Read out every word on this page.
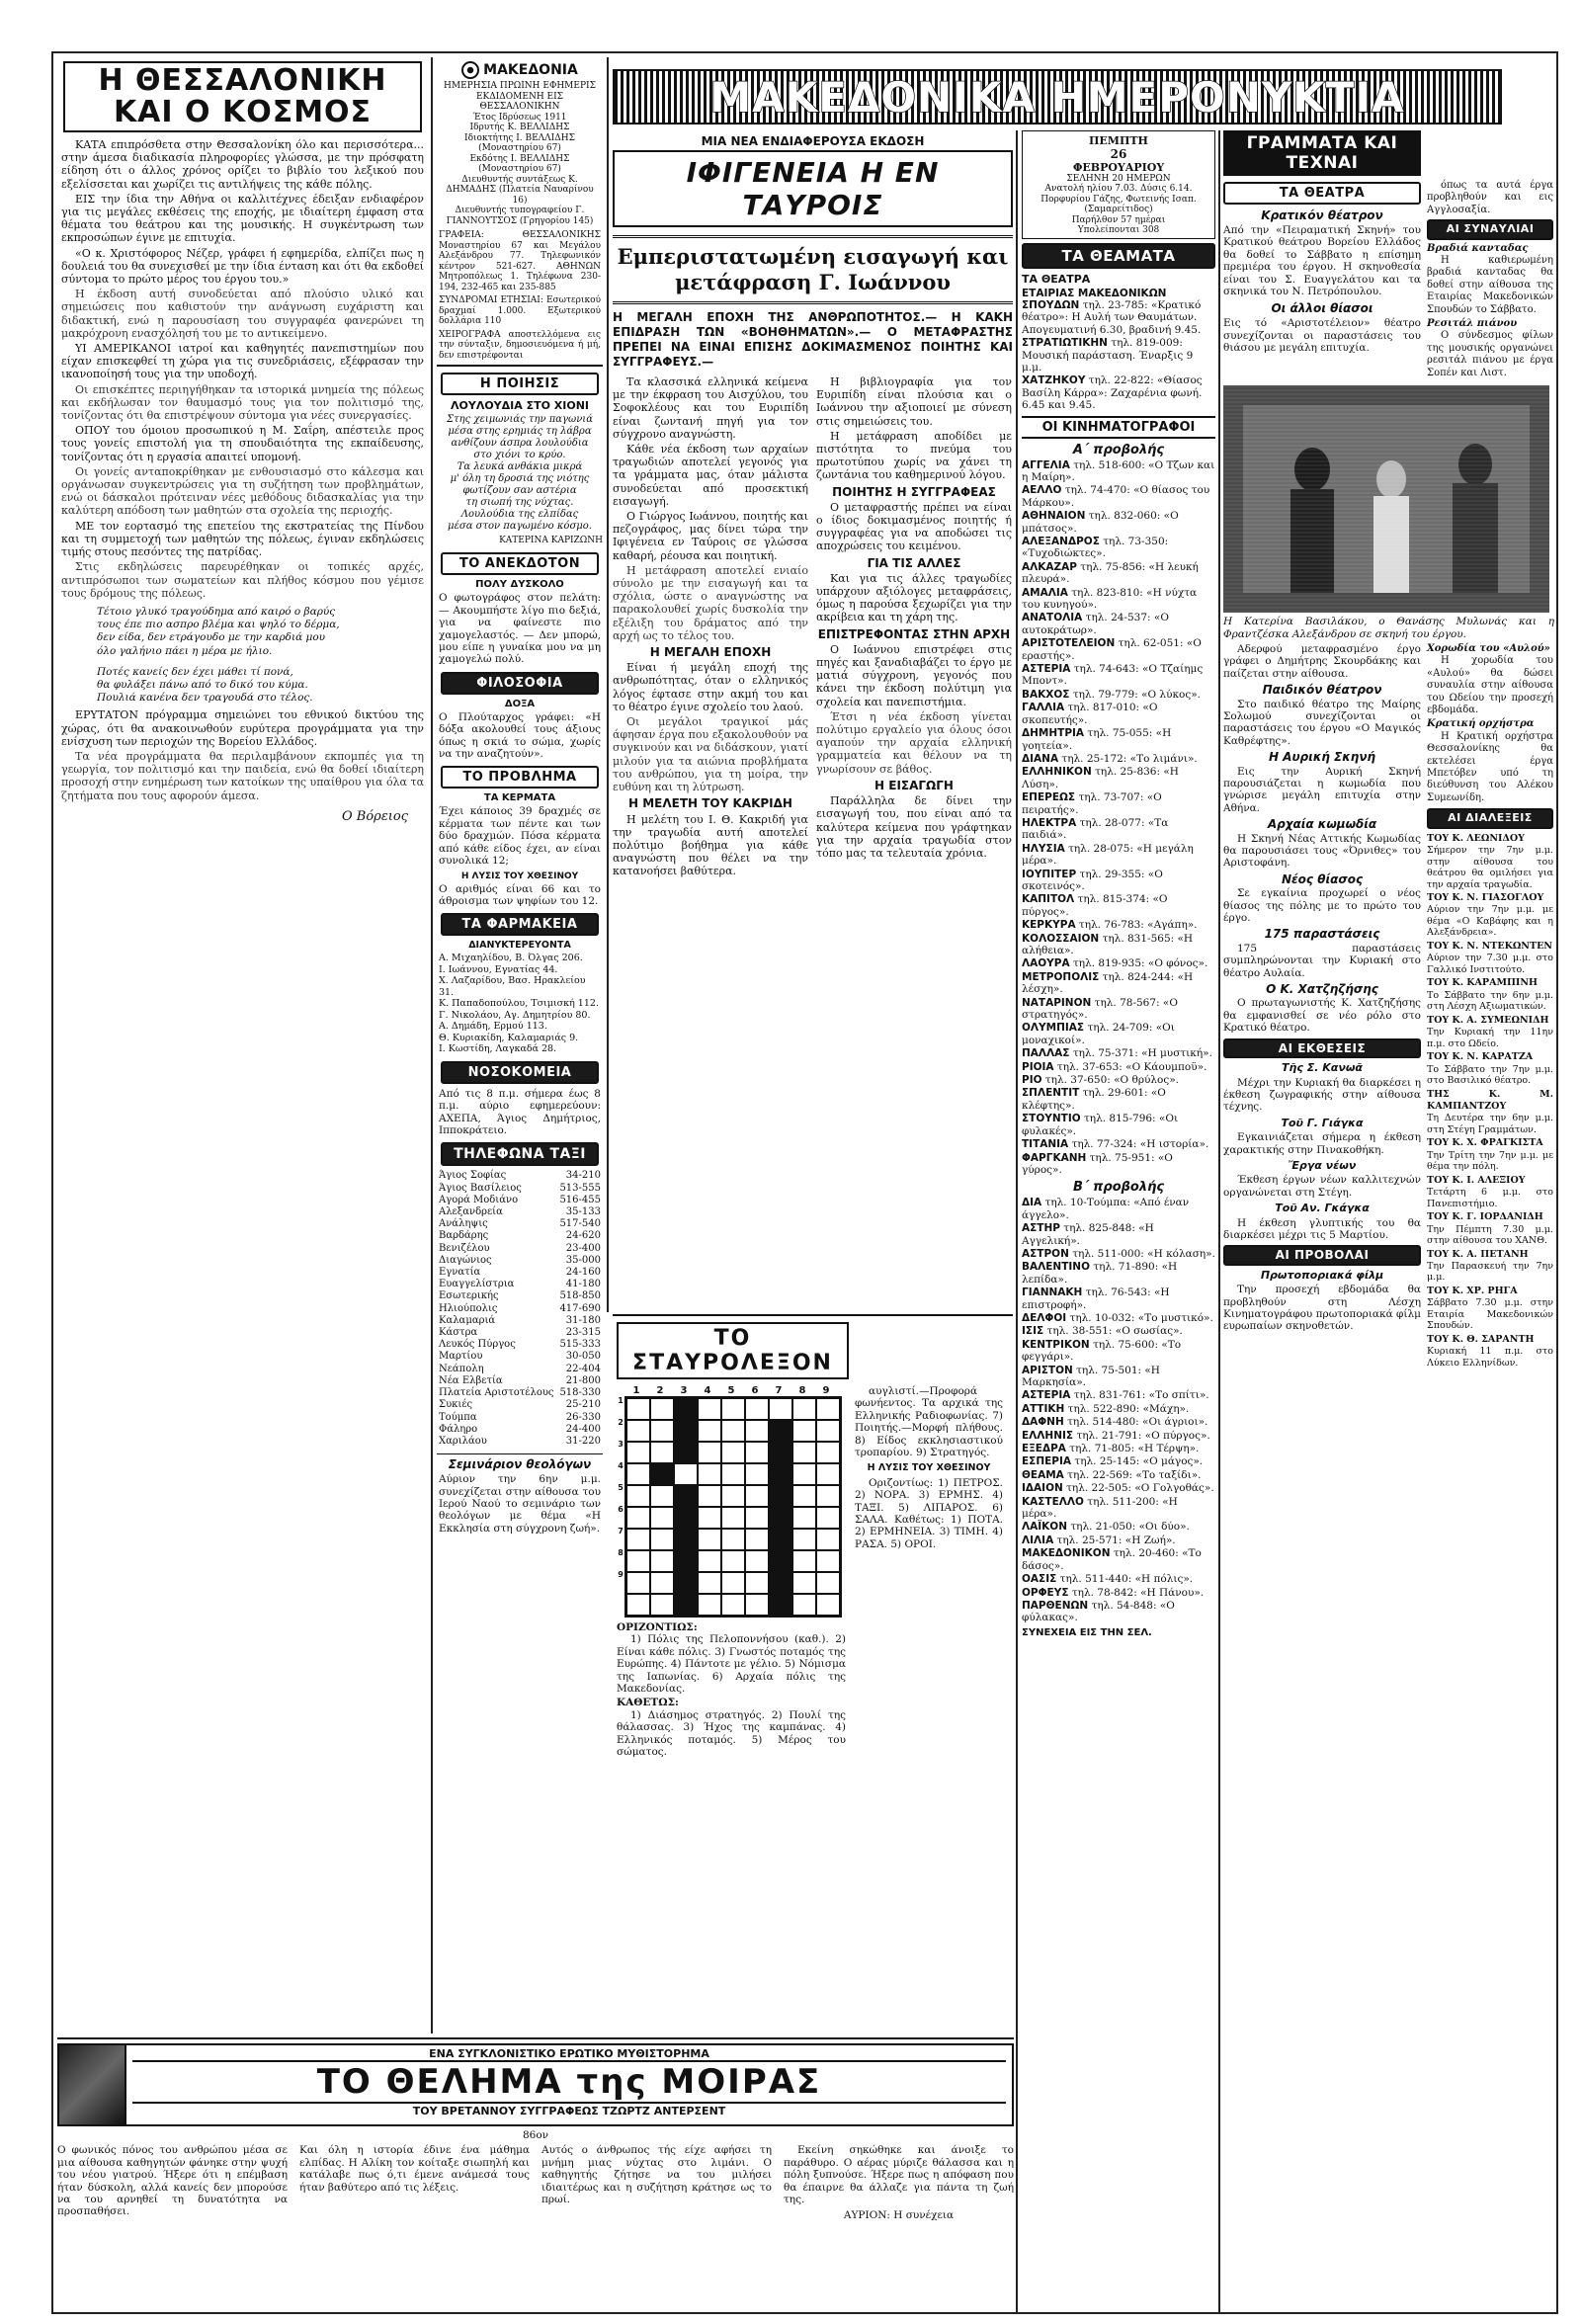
Η ΘΕΣΣΑΛΟΝΙΚΗ ΚΑΙ Ο ΚΟΣΜΟΣ

ΚΑΤΑ επιπρόσθετα στην Θεσσαλονίκη όλο και περισσότερα... στην άμεσα διαδικασία πληροφορίες γλώσσα, με την πρόσφατη είδηση ότι ο άλλος χρόνος ορίζει το βιβλίο του λεξικού που εξελίσσεται και χωρίζει τις αντιλήψεις της κάθε πόλης.

ΕΙΣ την ίδια την Αθήνα οι καλλιτέχνες έδειξαν ενδιαφέρον για τις μεγάλες εκθέσεις της εποχής, με ιδιαίτερη έμφαση στα θέματα του θεάτρου και της μουσικής. Η συγκέντρωση των εκπροσώπων έγινε με επιτυχία.

«Ο κ. Χριστόφορος Νέζερ, γράφει ή εφημερίδα, ελπίζει πως η δουλειά του θα συνεχισθεί με την ίδια ένταση και ότι θα εκδοθεί σύντομα το πρώτο μέρος του έργου του.»

Η έκδοση αυτή συνοδεύεται από πλούσιο υλικό και σημειώσεις που καθιστούν την ανάγνωση ευχάριστη και διδακτική, ενώ η παρουσίαση του συγγραφέα φανερώνει τη μακρόχρονη ενασχόλησή του με το αντικείμενο.

ΥΙ ΑΜΕΡΙΚΑΝΟΙ ιατροί και καθηγητές πανεπιστημίων που είχαν επισκεφθεί τη χώρα για τις συνεδριάσεις, εξέφρασαν την ικανοποίησή τους για την υποδοχή.

Οι επισκέπτες περιηγήθηκαν τα ιστορικά μνημεία της πόλεως και εκδήλωσαν τον θαυμασμό τους για τον πολιτισμό της, τονίζοντας ότι θα επιστρέψουν σύντομα για νέες συνεργασίες.

ΟΠΟΥ του όμοιου προσωπικού η Μ. Σαΐρη, απέστειλε προς τους γονείς επιστολή για τη σπουδαιότητα της εκπαίδευσης, τονίζοντας ότι η εργασία απαιτεί υπομονή.

Οι γονείς ανταποκρίθηκαν με ενθουσιασμό στο κάλεσμα και οργάνωσαν συγκεντρώσεις για τη συζήτηση των προβλημάτων, ενώ οι δάσκαλοι πρότειναν νέες μεθόδους διδασκαλίας για την καλύτερη απόδοση των μαθητών στα σχολεία της περιοχής.

ΜΕ τον εορτασμό της επετείου της εκστρατείας της Πίνδου και τη συμμετοχή των μαθητών της πόλεως, έγιναν εκδηλώσεις τιμής στους πεσόντες της πατρίδας.

Στις εκδηλώσεις παρευρέθηκαν οι τοπικές αρχές, αντιπρόσωποι των σωματείων και πλήθος κόσμου που γέμισε τους δρόμους της πόλεως.

Τέτοιο γλυκό τραγούδημα από καιρό ο βαρύς
τους έπε πιο ασπρο βλέμα και ψηλό το δέρμα,
δεν είδα, δεν ετράγουδο με την καρδιά μου
όλο γαλήνιο πάει η μέρα με ήλιο.
Ποτές κανείς δεν έχει μάθει τί πονά,
θα φυλάξει πάνω από το δικό του κύμα.
Πουλιά κανένα δεν τραγουδά στο τέλος.

ΕΡΥΤΑΤΟΝ πρόγραμμα σημειώνει του εθνικού δικτύου της χώρας, ότι θα ανακοινωθούν ευρύτερα προγράμματα για την ενίσχυση των περιοχών της Βορείου Ελλάδος.

Τα νέα προγράμματα θα περιλαμβάνουν εκπομπές για τη γεωργία, τον πολιτισμό και την παιδεία, ενώ θα δοθεί ιδιαίτερη προσοχή στην ενημέρωση των κατοίκων της υπαίθρου για όλα τα ζητήματα που τους αφορούν άμεσα.

Ο Βόρειος
ΜΑΚΕΔΟΝΙΑ
ΗΜΕΡΗΣΙΑ ΠΡΩΙΝΗ ΕΦΗΜΕΡΙΣ ΕΚΔΙΔΟΜΕΝΗ ΕΙΣ ΘΕΣΣΑΛΟΝΙΚΗΝ
Έτος Ιδρύσεως 1911
Ιδρυτής Κ. ΒΕΛΛΙΔΗΣ
Ιδιοκτήτης Ι. ΒΕΛΛΙΔΗΣ (Μοναστηρίου 67)
Εκδότης Ι. ΒΕΛΛΙΔΗΣ (Μοναστηρίου 67)
Διευθυντής συντάξεως Κ. ΔΗΜΑΔΗΣ (Πλατεία Ναυαρίνου 16)
Διευθυντής τυπογραφείου Γ. ΓΙΑΝΝΟΥΤΣΟΣ (Γρηγορίου 145)

ΓΡΑΦΕΙΑ: ΘΕΣΣΑΛΟΝΙΚΗΣ Μοναστηρίου 67 και Μεγάλου Αλεξάνδρου 77. Τηλεφωνικόν κέντρον 521-627. ΑΘΗΝΩΝ Μητροπόλεως 1. Τηλέφωνα 230-194, 232-465 και 235-885

ΣΥΝΔΡΟΜΑΙ ΕΤΗΣΙΑΙ: Εσωτερικού δραχμαί 1.000. Εξωτερικού δολλάρια 110

ΧΕΙΡΟΓΡΑΦΑ αποστελλόμενα εις την σύνταξιν, δημοσιευόμενα ή μή, δεν επιστρέφονται

Η ΠΟΙΗΣΙΣ
ΛΟΥΛΟΥΔΙΑ ΣΤΟ ΧΙΟΝΙ
Στης χειμωνιάς την παγωνιά
μέσα στης ερημιάς τη λάβρα
ανθίζουν άσπρα λουλούδια
στο χιόνι το κρύο.
Τα λευκά ανθάκια μικρά
μ' όλη τη δροσιά της νιότης
φωτίζουν σαν αστέρια
τη σιωπή της νύχτας.
Λουλούδια της ελπίδας
μέσα στον παγωμένο κόσμο.
ΚΑΤΕΡΙΝΑ ΚΑΡΙΖΩΝΗ
ΤΟ ΑΝΕΚΔΟΤΟΝ
ΠΟΛΥ ΔΥΣΚΟΛΟ
Ο φωτογράφος στον πελάτη: — Ακουμπήστε λίγο πιο δεξιά, για να φαίνεστε πιο χαμογελαστός. — Δεν μπορώ, μου είπε η γυναίκα μου να μη χαμογελώ πολύ.
ΦΙΛΟΣΟΦΙΑ
ΔΟΞΑ
Ο Πλούταρχος γράφει: «Η δόξα ακολουθεί τους άξιους όπως η σκιά το σώμα, χωρίς να την αναζητούν».
ΤΟ ΠΡΟΒΛΗΜΑ
ΤΑ ΚΕΡΜΑΤΑ
Έχει κάποιος 39 δραχμές σε κέρματα των πέντε και των δύο δραχμών. Πόσα κέρματα από κάθε είδος έχει, αν είναι συνολικά 12;
Η ΛΥΣΙΣ ΤΟΥ ΧΘΕΣΙΝΟΥ
Ο αριθμός είναι 66 και το άθροισμα των ψηφίων του 12.
ΤΑ ΦΑΡΜΑΚΕΙΑ
ΔΙΑΝΥΚΤΕΡΕΥΟΝΤΑ
Α. Μιχαηλίδου, Β. Όλγας 206.
Ι. Ιωάννου, Εγνατίας 44.
Χ. Λαζαρίδου, Βασ. Ηρακλείου 31.
Κ. Παπαδοπούλου, Τσιμισκή 112.
Γ. Νικολάου, Αγ. Δημητρίου 80.
Α. Δημάδη, Ερμού 113.
Θ. Κυριακίδη, Καλαμαριάς 9.
Ι. Κωστίδη, Λαγκαδά 28.
ΝΟΣΟΚΟΜΕΙΑ
Από τις 8 π.μ. σήμερα έως 8 π.μ. αύριο εφημερεύουν: ΑΧΕΠΑ, Άγιος Δημήτριος, Ιπποκράτειο.
ΤΗΛΕΦΩΝΑ ΤΑΞΙ
Άγιος Σοφίας	34-210
Άγιος Βασίλειος	513-555
Αγορά Μοδιάνο	516-455
Αλεξανδρεία	35-133
Ανάληψις	517-540
Βαρδάρης	24-620
Βενιζέλου	23-400
Διαγώνιος	35-000
Εγνατία	24-160
Ευαγγελίστρια	41-180
Εσωτερικής	518-850
Ηλιούπολις	417-690
Καλαμαριά	31-180
Κάστρα	23-315
Λευκός Πύργος	515-333
Μαρτίου	30-050
Νεάπολη	22-404
Νέα Ελβετία	21-800
Πλατεία Αριστοτέλους 518-330
Συκιές	25-210
Τούμπα	26-330
Φάληρο	24-400
Χαριλάου	31-220
Σεμινάριον θεολόγων
Αύριον την 6ην μ.μ. συνεχίζεται στην αίθουσα του Ιερού Ναού το σεμινάριο των θεολόγων με θέμα «Η Εκκλησία στη σύγχρονη ζωή».
ΜΑΚΕΔΟΝΙΚΑ ΗΜΕΡΟΝΥΚΤΙΑ
ΜΙΑ ΝΕΑ ΕΝΔΙΑΦΕΡΟΥΣΑ ΕΚΔΟΣΗ
ΙΦΙΓΕΝΕΙΑ Η ΕΝ ΤΑΥΡΟΙΣ
Εμπεριστατωμένη εισαγωγή και μετάφραση Γ. Ιωάννου
Η ΜΕΓΑΛΗ ΕΠΟΧΗ ΤΗΣ ΑΝΘΡΩΠΟΤΗΤΟΣ.— Η ΚΑΚΗ ΕΠΙΔΡΑΣΗ ΤΩΝ «ΒΟΗΘΗΜΑΤΩΝ».— Ο ΜΕΤΑΦΡΑΣΤΗΣ ΠΡΕΠΕΙ ΝΑ ΕΙΝΑΙ ΕΠΙΣΗΣ ΔΟΚΙΜΑΣΜΕΝΟΣ ΠΟΙΗΤΗΣ ΚΑΙ ΣΥΓΓΡΑΦΕΥΣ.—

Τα κλασσικά ελληνικά κείμενα με την έκφραση του Αισχύλου, του Σοφοκλέους και του Ευριπίδη είναι ζωντανή πηγή για τον σύγχρονο αναγνώστη.

Κάθε νέα έκδοση των αρχαίων τραγωδιών αποτελεί γεγονός για τα γράμματα μας, όταν μάλιστα συνοδεύεται από προσεκτική εισαγωγή.

Ο Γιώργος Ιωάννου, ποιητής και πεζογράφος, μας δίνει τώρα την Ιφιγένεια εν Ταύροις σε γλώσσα καθαρή, ρέουσα και ποιητική.

Η μετάφραση αποτελεί ενιαίο σύνολο με την εισαγωγή και τα σχόλια, ώστε ο αναγνώστης να παρακολουθεί χωρίς δυσκολία την εξέλιξη του δράματος από την αρχή ως το τέλος του.

Η ΜΕΓΑΛΗ ΕΠΟΧΗ

Είναι ή μεγάλη εποχή της ανθρωπότητας, όταν ο ελληνικός λόγος έφτασε στην ακμή του και το θέατρο έγινε σχολείο του λαού.

Οι μεγάλοι τραγικοί μάς άφησαν έργα που εξακολουθούν να συγκινούν και να διδάσκουν, γιατί μιλούν για τα αιώνια προβλήματα του ανθρώπου, για τη μοίρα, την ευθύνη και τη λύτρωση.

Η ΜΕΛΕΤΗ ΤΟΥ ΚΑΚΡΙΔΗ

Η μελέτη του Ι. Θ. Κακριδή για την τραγωδία αυτή αποτελεί πολύτιμο βοήθημα για κάθε αναγνώστη που θέλει να την κατανοήσει βαθύτερα.

Η βιβλιογραφία για τον Ευριπίδη είναι πλούσια και ο Ιωάννου την αξιοποιεί με σύνεση στις σημειώσεις του.

Η μετάφραση αποδίδει με πιστότητα το πνεύμα του πρωτοτύπου χωρίς να χάνει τη ζωντάνια του καθημερινού λόγου.

ΠΟΙΗΤΗΣ Η ΣΥΓΓΡΑΦΕΑΣ

Ο μεταφραστής πρέπει να είναι ο ίδιος δοκιμασμένος ποιητής ή συγγραφέας για να αποδώσει τις αποχρώσεις του κειμένου.

ΓΙΑ ΤΙΣ ΑΛΛΕΣ

Και για τις άλλες τραγωδίες υπάρχουν αξιόλογες μεταφράσεις, όμως η παρούσα ξεχωρίζει για την ακρίβεια και τη χάρη της.

ΕΠΙΣΤΡΕΦΟΝΤΑΣ ΣΤΗΝ ΑΡΧΗ

Ο Ιωάννου επιστρέφει στις πηγές και ξαναδιαβάζει το έργο με ματιά σύγχρονη, γεγονός που κάνει την έκδοση πολύτιμη για σχολεία και πανεπιστήμια.

Έτσι η νέα έκδοση γίνεται πολύτιμο εργαλείο για όλους όσοι αγαπούν την αρχαία ελληνική γραμματεία και θέλουν να τη γνωρίσουν σε βάθος.

Η ΕΙΣΑΓΩΓΗ

Παράλληλα δε δίνει την εισαγωγή του, που είναι από τα καλύτερα κείμενα που γράφτηκαν για την αρχαία τραγωδία στον τόπο μας τα τελευταία χρόνια.

ΤΟ ΣΤΑΥΡΟΛΕΞΟΝ
1	2	3	4	5	6	7	8	9
1
2
3
4
5
6
7
8
9

αυγλιστί.—Προφορά φωνήεντος. Τα αρχικά της Ελληνικής Ραδιοφωνίας. 7) Ποιητής.—Μορφή πλήθους. 8) Είδος εκκλησιαστικού τροπαρίου. 9) Στρατηγός.

Η ΛΥΣΙΣ ΤΟΥ ΧΘΕΣΙΝΟΥ

Οριζοντίως: 1) ΠΕΤΡΟΣ. 2) ΝΟΡΑ. 3) ΕΡΜΗΣ. 4) ΤΑΞΙ. 5) ΛΙΠΑΡΟΣ. 6) ΣΑΛΑ. Καθέτως: 1) ΠΟΤΑ. 2) ΕΡΜΗΝΕΙΑ. 3) ΤΙΜΗ. 4) ΡΑΣΑ. 5) ΟΡΟΙ.

ΟΡΙΖΟΝΤΙΩΣ:

1) Πόλις της Πελοποννήσου (καθ.). 2) Είναι κάθε πόλις. 3) Γνωστός ποταμός της Ευρώπης. 4) Πάντοτε με γέλιο. 5) Νόμισμα της Ιαπωνίας. 6) Αρχαία πόλις της Μακεδονίας.

ΚΑΘΕΤΩΣ:

1) Διάσημος στρατηγός. 2) Πουλί της θάλασσας. 3) Ήχος της καμπάνας. 4) Ελληνικός ποταμός. 5) Μέρος του σώματος.

ΠΕΜΠΤΗ
26
ΦΕΒΡΟΥΑΡΙΟΥ
ΣΕΛΗΝΗ 20 ΗΜΕΡΩΝ
Ανατολή ηλίου 7.03. Δύσις 6.14. Πορφυρίου Γάζης, Φωτεινής Ισαπ. (Σαμαρείτιδος)
Παρήλθον 57 ημέραι
Υπολείπονται 308
ΤΑ ΘΕΑΜΑΤΑ
ΤΑ ΘΕΑΤΡΑ
ΕΤΑΙΡΙΑΣ ΜΑΚΕΔΟΝΙΚΩΝ ΣΠΟΥΔΩΝ τηλ. 23-785: «Κρατικό θέατρο»: Η Αυλή των Θαυμάτων. Απογευματινή 6.30, βραδινή 9.45.
ΣΤΡΑΤΙΩΤΙΚΗΝ τηλ. 819-009: Μουσική παράσταση. Έναρξις 9 μ.μ.
ΧΑΤΖΗΚΟΥ τηλ. 22-822: «Θίασος Βασίλη Κάρρα»: Ζαχαρένια φωνή. 6.45 και 9.45.
ΟΙ ΚΙΝΗΜΑΤΟΓΡΑΦΟΙ
Α΄ προβολής
ΑΓΓΕΛΙΑ τηλ. 518-600: «Ο Τζων και η Μαίρη».
ΑΕΛΛΟ τηλ. 74-470: «Ο θίασος του Μάρκου».
ΑΘΗΝΑΙΟΝ τηλ. 832-060: «Ο μπάτσος».
ΑΛΕΞΑΝΔΡΟΣ τηλ. 73-350: «Τυχοδιώκτες».
ΑΛΚΑΖΑΡ τηλ. 75-856: «Η λευκή πλευρά».
ΑΜΑΛΙΑ τηλ. 823-810: «Η νύχτα του κυνηγού».
ΑΝΑΤΟΛΙΑ τηλ. 24-537: «Ο αυτοκράτωρ».
ΑΡΙΣΤΟΤΕΛΕΙΟΝ τηλ. 62-051: «Ο εραστής».
ΑΣΤΕΡΙΑ τηλ. 74-643: «Ο Τζαίημς Μποντ».
ΒΑΚΧΟΣ τηλ. 79-779: «Ο λύκος».
ΓΑΛΛΙΑ τηλ. 817-010: «Ο σκοπευτής».
ΔΗΜΗΤΡΙΑ τηλ. 75-055: «Η γοητεία».
ΔΙΑΝΑ τηλ. 25-172: «Το λιμάνι».
ΕΛΛΗΝΙΚΟΝ τηλ. 25-836: «Η Λύση».
ΕΠΕΡΕΩΣ τηλ. 73-707: «Ο πειρατής».
ΗΛΕΚΤΡΑ τηλ. 28-077: «Τα παιδιά».
ΗΛΥΣΙΑ τηλ. 28-075: «Η μεγάλη μέρα».
ΙΟΥΠΙΤΕΡ τηλ. 29-355: «Ο σκοτεινός».
ΚΑΠΙΤΟΛ τηλ. 815-374: «Ο πύργος».
ΚΕΡΚΥΡΑ τηλ. 76-783: «Αγάπη».
ΚΟΛΟΣΣΑΙΟΝ τηλ. 831-565: «Η αλήθεια».
ΛΑΟΥΡΑ τηλ. 819-935: «Ο φόνος».
ΜΕΤΡΟΠΟΛΙΣ τηλ. 824-244: «Η λέσχη».
ΝΑΤΑΡΙΝΟΝ τηλ. 78-567: «Ο στρατηγός».
ΟΛΥΜΠΙΑΣ τηλ. 24-709: «Οι μοναχικοί».
ΠΑΛΛΑΣ τηλ. 75-371: «Η μυστική».
ΡΙΟΙΑ τηλ. 37-653: «Ο Κάουμποϋ».
ΡΙΟ τηλ. 37-650: «Ο θρύλος».
ΣΠΛΕΝΤΙΤ τηλ. 29-601: «Ο κλέφτης».
ΣΤΟΥΝΤΙΟ τηλ. 815-796: «Οι φυλακές».
ΤΙΤΑΝΙΑ τηλ. 77-324: «Η ιστορία».
ΦΑΡΓΚΑΝΗ τηλ. 75-951: «Ο γύρος».
Β΄ προβολής
ΔΙΑ τηλ. 10-Τούμπα: «Από έναν άγγελο».
ΑΣΤΗΡ τηλ. 825-848: «Η Αγγελική».
ΑΣΤΡΟΝ τηλ. 511-000: «Η κόλαση».
ΒΑΛΕΝΤΙΝΟ τηλ. 71-890: «Η λεπίδα».
ΓΙΑΝΝΑΚΗ τηλ. 76-543: «Η επιστροφή».
ΔΕΛΦΟΙ τηλ. 10-032: «Το μυστικό».
ΙΣΙΣ τηλ. 38-551: «Ο σωσίας».
ΚΕΝΤΡΙΚΟΝ τηλ. 75-600: «Το φεγγάρι».
ΑΡΙΣΤΟΝ τηλ. 75-501: «Η Μαρκησία».
ΑΣΤΕΡΙΑ τηλ. 831-761: «Το σπίτι».
ΑΤΤΙΚΗ τηλ. 522-890: «Μάχη».
ΔΑΦΝΗ τηλ. 514-480: «Οι άγριοι».
ΕΛΛΗΝΙΣ τηλ. 21-791: «Ο πύργος».
ΕΞΕΔΡΑ τηλ. 71-805: «Η Τέρψη».
ΕΣΠΕΡΙΑ τηλ. 25-145: «Ο μάγος».
ΘΕΑΜΑ τηλ. 22-569: «Το ταξίδι».
ΙΔΑΙΟΝ τηλ. 22-505: «Ο Γολγοθάς».
ΚΑΣΤΕΛΛΟ τηλ. 511-200: «Η μέρα».
ΛΑΪΚΟΝ τηλ. 21-050: «Οι δύο».
ΛΙΛΙΑ τηλ. 25-571: «Η Ζωή».
ΜΑΚΕΔΟΝΙΚΟΝ τηλ. 20-460: «Το δάσος».
ΟΑΣΙΣ τηλ. 511-440: «Η πόλις».
ΟΡΦΕΥΣ τηλ. 78-842: «Η Πάνου».
ΠΑΡΘΕΝΩΝ τηλ. 54-848: «Ο φύλακας».
ΣΥΝΕΧΕΙΑ ΕΙΣ ΤΗΝ ΣΕΛ.
ΓΡΑΜΜΑΤΑ ΚΑΙ ΤΕΧΝΑΙ
ΤΑ ΘΕΑΤΡΑ
Κρατικόν θέατρον
Από την «Πειραματική Σκηνή» του Κρατικού θεάτρου Βορείου Ελλάδος θα δοθεί το Σάββατο η επίσημη πρεμιέρα του έργου. Η σκηνοθεσία είναι του Σ. Ευαγγελάτου και τα σκηνικά του Ν. Πετρόπουλου.
Οι άλλοι θίασοι
Εις τό «Αριστοτέλειον» θέατρο συνεχίζονται οι παραστάσεις του θιάσου με μεγάλη επιτυχία.

όπως τα αυτά έργα προβληθούν και εις Αγγλοσαξία.

ΑΙ ΣΥΝΑΥΛΙΑΙ
Βραδιά κανταδας

Η καθιερωμένη βραδιά κανταδας θα δοθεί στην αίθουσα της Εταιρίας Μακεδονικών Σπουδών το Σάββατο.

Ρεσιτάλ πιάνου

Ο σύνδεσμος φίλων της μουσικής οργανώνει ρεσιτάλ πιάνου με έργα Σοπέν και Λιστ.

Η Κατερίνα Βασιλάκου, ο Θανάσης Μυλωνάς και η Φραντζέσκα Αλεξάνδρου σε σκηνή του έργου.

Αδερφού μεταφρασμένο έργο γράφει ο Δημήτρης Σκουρδάκης και παίζεται στην αίθουσα.

Παιδικόν θέατρον

Στο παιδικό θέατρο της Μαίρης Σολωμού συνεχίζονται οι παραστάσεις του έργου «Ο Μαγικός Καθρέφτης».

Η Αυρική Σκηνή

Εις την Αυρική Σκηνή παρουσιάζεται η κωμωδία που γνώρισε μεγάλη επιτυχία στην Αθήνα.

Αρχαία κωμωδία

Η Σκηνή Νέας Αττικής Κωμωδίας θα παρουσιάσει τους «Όρνιθες» του Αριστοφάνη.

Νέος θίασος

Σε εγκαίνια προχωρεί ο νέος θίασος της πόλης με το πρώτο του έργο.

175 παραστάσεις

175 παραστάσεις συμπληρώνονται την Κυριακή στο θέατρο Αυλαία.

Ο Κ. Χατζηζήσης

Ο πρωταγωνιστής Κ. Χατζηζήσης θα εμφανισθεί σε νέο ρόλο στο Κρατικό θέατρο.

ΑΙ ΕΚΘΕΣΕΙΣ
Τῆς Σ. Κανωᾶ

Μέχρι την Κυριακή θα διαρκέσει η έκθεση ζωγραφικής στην αίθουσα τέχνης.

Τοῦ Γ. Γιάγκα

Εγκαινιάζεται σήμερα η έκθεση χαρακτικής στην Πινακοθήκη.

Ἔργα νέων

Έκθεση έργων νέων καλλιτεχνών οργανώνεται στη Στέγη.

Τοῦ Αν. Γκάγκα

Η έκθεση γλυπτικής του θα διαρκέσει μέχρι τις 5 Μαρτίου.

ΑΙ ΠΡΟΒΟΛΑΙ
Πρωτοποριακά φίλμ

Την προσεχή εβδομάδα θα προβληθούν στη Λέσχη Κινηματογράφου πρωτοποριακά φίλμ ευρωπαίων σκηνοθετών.

Χορωδία του «Αυλού»

Η χορωδία του «Αυλού» θα δώσει συναυλία στην αίθουσα του Ωδείου την προσεχή εβδομάδα.

Κρατική ορχήστρα

Η Κρατική ορχήστρα Θεσσαλονίκης θα εκτελέσει έργα Μπετόβεν υπό τη διεύθυνση του Αλέκου Συμεωνίδη.

ΑΙ ΔΙΑΛΕΞΕΙΣ
ΤΟΥ Κ. ΛΕΩΝΙΔΟΥ
Σήμερον την 7ην μ.μ. στην αίθουσα του θεάτρου θα ομιλήσει για την αρχαία τραγωδία.
ΤΟΥ Κ. Ν. ΓΙΑΣΟΓΛΟΥ
Αύριον την 7ην μ.μ. με θέμα «Ο Καβάφης και η Αλεξάνδρεια».
ΤΟΥ Κ. Ν. ΝΤΕΚΩΝΤΕΝ
Αύριον την 7.30 μ.μ. στο Γαλλικό Ινστιτούτο.
ΤΟΥ Κ. ΚΑΡΑΜΠΙΝΗ
Το Σάββατο την 6ην μ.μ. στη Λέσχη Αξιωματικών.
ΤΟΥ Κ. Α. ΣΥΜΕΩΝΙΔΗ
Την Κυριακή την 11ην π.μ. στο Ωδείο.
ΤΟΥ Κ. Ν. ΚΑΡΑΤΖΑ
Το Σάββατο την 7ην μ.μ. στο Βασιλικό θέατρο.
ΤΗΣ Κ. Μ. ΚΑΜΠΑΝΤΖΟΥ
Τη Δευτέρα την 6ην μ.μ. στη Στέγη Γραμμάτων.
ΤΟΥ Κ. Χ. ΦΡΑΓΚΙΣΤΑ
Την Τρίτη την 7ην μ.μ. με θέμα την πόλη.
ΤΟΥ Κ. Ι. ΑΛΕΞΙΟΥ
Τετάρτη 6 μ.μ. στο Πανεπιστήμιο.
ΤΟΥ Κ. Γ. ΙΟΡΔΑΝΙΔΗ
Την Πέμπτη 7.30 μ.μ. στην αίθουσα του ΧΑΝΘ.
ΤΟΥ Κ. Α. ΠΕΤΑΝΗ
Την Παρασκευή την 7ην μ.μ.
ΤΟΥ Κ. ΧΡ. ΡΗΓΑ
Σάββατο 7.30 μ.μ. στην Εταιρία Μακεδονικών Σπουδών.
ΤΟΥ Κ. Θ. ΣΑΡΑΝΤΗ
Κυριακή 11 π.μ. στο Λύκειο Ελληνίδων.
ΕΝΑ ΣΥΓΚΛΟΝΙΣΤΙΚΟ ΕΡΩΤΙΚΟ ΜΥΘΙΣΤΟΡΗΜΑ
ΤΟ ΘΕΛΗΜΑ της ΜΟΙΡΑΣ
ΤΟΥ ΒΡΕΤΑΝΝΟΥ ΣΥΓΓΡΑΦΕΩΣ ΤΖΩΡΤΖ ΑΝΤΕΡΣΕΝΤ
86ον
Ο φωνικός πόνος του ανθρώπου μέσα σε μια αίθουσα καθηγητών φάνηκε στην ψυχή του νέου γιατρού. Ήξερε ότι η επέμβαση ήταν δύσκολη, αλλά κανείς δεν μπορούσε να του αρνηθεί τη δυνατότητα να προσπαθήσει.
Και όλη η ιστορία έδινε ένα μάθημα ελπίδας. Η Αλίκη τον κοίταξε σιωπηλή και κατάλαβε πως ό,τι έμενε ανάμεσά τους ήταν βαθύτερο από τις λέξεις.
Αυτός ο άνθρωπος τής είχε αφήσει τη μνήμη μιας νύχτας στο λιμάνι. Ο καθηγητής ζήτησε να του μιλήσει ιδιαιτέρως και η συζήτηση κράτησε ως το πρωί.

Εκείνη σηκώθηκε και άνοιξε το παράθυρο. Ο αέρας μύριζε θάλασσα και η πόλη ξυπνούσε. Ήξερε πως η απόφαση που θα έπαιρνε θα άλλαζε για πάντα τη ζωή της.

ΑΥΡΙΟΝ: Η συνέχεια
